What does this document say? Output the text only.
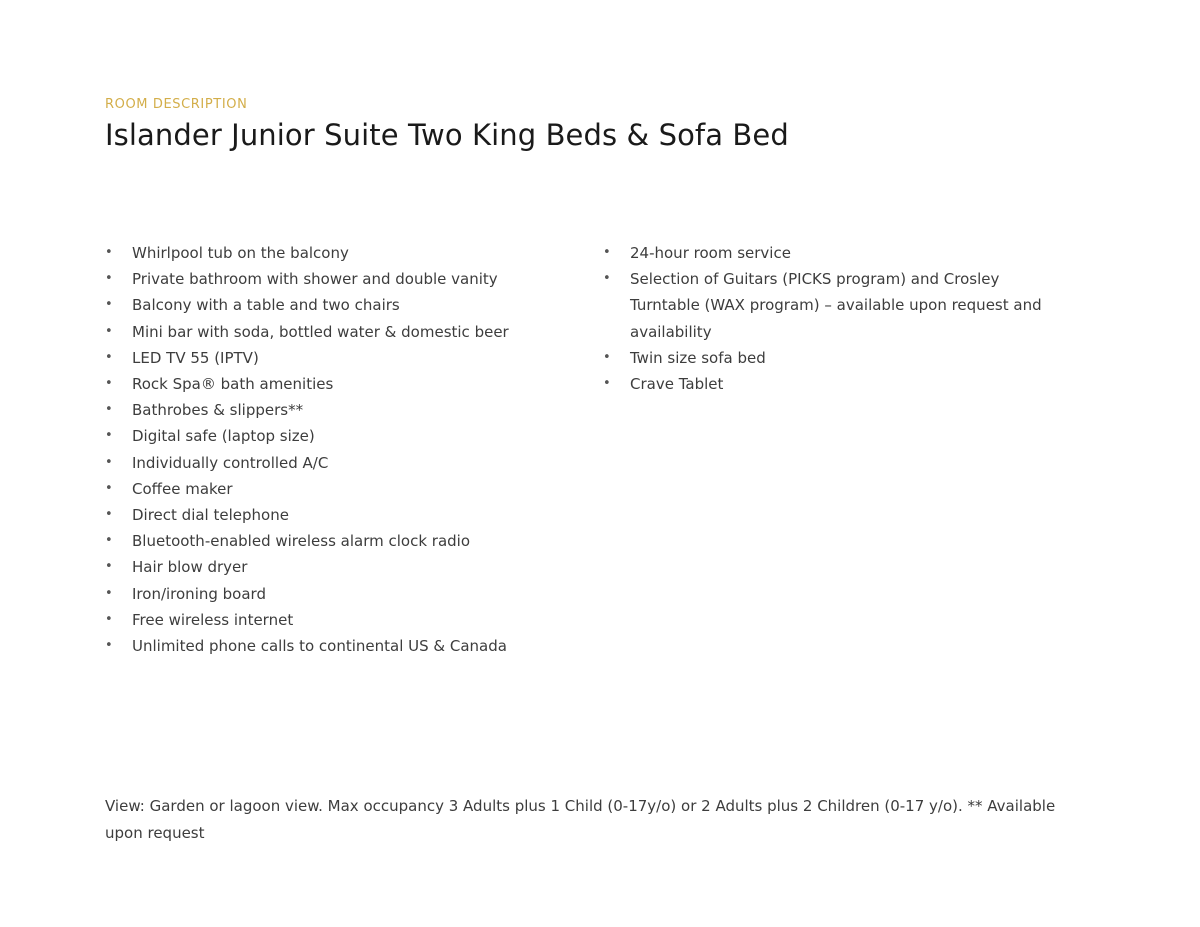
ROOM DESCRIPTION
Islander Junior Suite Two King Beds & Sofa Bed
• Whirlpool tub on the balcony
• Private bathroom with shower and double vanity
• Balcony with a table and two chairs
• Mini bar with soda, bottled water & domestic beer
• LED TV 55 (IPTV)
• Rock Spa® bath amenities
• Bathrobes & slippers**
• Digital safe (laptop size)
• Individually controlled A/C
• Coffee maker
• Direct dial telephone
• Bluetooth-enabled wireless alarm clock radio
• Hair blow dryer
• Iron/ironing board
• Free wireless internet
• Unlimited phone calls to continental US & Canada
• 24-hour room service
• Selection of Guitars (PICKS program) and Crosley Turntable (WAX program) – available upon request and availability
• Twin size sofa bed
• Crave Tablet

View: Garden or lagoon view. Max occupancy 3 Adults plus 1 Child (0-17y/o) or 2 Adults plus 2 Children (0-17 y/o). ** Available upon request
